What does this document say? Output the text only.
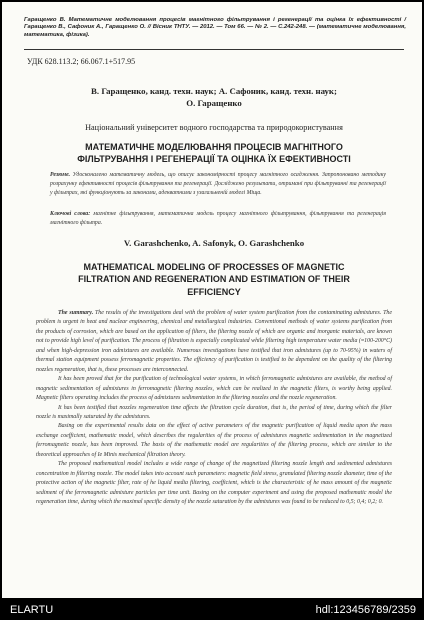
Гаращенко В. Математичне моделювання процесів магнітного фільтрування і регенерації та оцінка їх ефективності / Гаращенко В., Сафоник А., Гаращенко О. // Вісник ТНТУ. — 2012. — Том 66. — № 2. — С.242-248. — (математичне моделювання, математика, фізика).
УДК 628.113.2; 66.067.1+517.95
В. Гаращенко, канд. техн. наук; А. Сафоник, канд. техн. наук;
О. Гаращенко
Національний університет водного господарства та природокористування
МАТЕМАТИЧНЕ МОДЕЛЮВАННЯ ПРОЦЕСІВ МАГНІТНОГО
ФІЛЬТРУВАННЯ І РЕГЕНЕРАЦІЇ ТА ОЦІНКА ЇХ ЕФЕКТИВНОСТІ
Резюме. Удосконалено математичну модель, що описує закономірності процесу магнітного осадження. Запропоновано методику розрахунку ефективності процесів фільтрування та регенерації. Досліджено результати, отримані при фільтруванні та регенерації у фільтрах, які функціонують за законами, адекватними з узагальненій моделі Міщa.
Ключові слова: магнітне фільтрування, математична модель процесу магнітного фільтрування, фільтрування та регенерація магнітного фільтра.
V. Garashchenko, A. Safonyk, O. Garashchenko
MATHEMATICAL MODELING OF PROCESSES OF MAGNETIC
FILTRATION AND REGENERATION AND ESTIMATION OF THEIR
EFFICIENCY

The summary. The results of the investigations deal with the problem of water system purification from the contaminating admixtures. The problem is urgent in heat and nuclear engineering, chemical and metallurgical industries. Conventional methods of water systems purification from the products of corrosion, which are based on the application of filters, the filtering nozzle of which are organic and inorganic materials, are known not to provide high level of purification. The process of filtration is especially complicated while filtering high temperature water media (≈100-200°C) and when high-depression iron admixtures are available. Numerous investigations have testified that iron admixtures (up to 70-95%) in waters of thermal station equipment possess ferromagnetic properties. The efficiency of purification is testified to be dependent on the quality of the filtering nozzles regeneration, that is, these processes are interconnected.

It has been proved that for the purification of technological water systems, in which ferromagnetic admixtures are available, the method of magnetic sedimentation of admixtures in ferromagnetic filtering nozzles, which can be realized in the magnetic filters, is worthy being applied. Magnetic filters operating includes the process of admixtures sedimentation in the filtering nozzles and the nozzle regeneration.

It has been testified that nozzles regeneration time affects the filtration cycle duration, that is, the period of time, during which the filter nozzle is maximally saturated by the admixtures.

Basing on the experimental results data on the effect of active parameters of the magnetic purification of liquid media upon the mass exchange coefficient, mathematic model, which describes the regularities of the process of admixtures magnetic sedimentation in the magnetized ferromagnetic nozzle, has been improved. The basis of the mathematic model are regularities of the filtering process, which are similar to the theoretical approaches of Ie Minis mechanical filtration theory.

The proposed mathematical model includes a wide range of change of the magnetized filtering nozzle length and sedimented admixtures concentration in filtering nozzle. The model takes into account such parameters: magnetic field stress, granulated filtering nozzle diameter, time of the protective action of the magnetic filter, rate of he liquid media filtering, coefficient, which is the characteristic of he mass amount of the magnetic sediment of the ferromagnetic admixture particles per time unit. Basing on the computer experiment and using the proposed mathematic model the regeneration time, during which the maximal specific density of the nozzle saturation by the admixtures was found to be reduced to 0,5; 0,4; 0,2; 0.

ELARTU	hdl:123456789/2359
